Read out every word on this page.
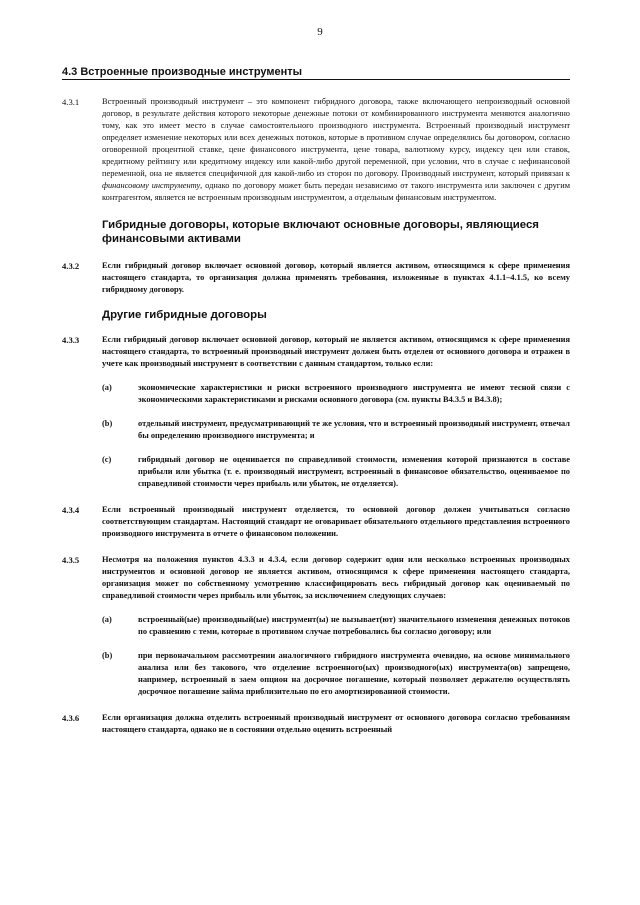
9
4.3 Встроенные производные инструменты
4.3.1	Встроенный производный инструмент – это компонент гибридного договора, также включающего непроизводный основной договор, в результате действия которого некоторые денежные потоки от комбинированного инструмента меняются аналогично тому, как это имеет место в случае самостоятельного производного инструмента. Встроенный производный инструмент определяет изменение некоторых или всех денежных потоков, которые в противном случае определялись бы договором, согласно оговоренной процентной ставке, цене финансового инструмента, цене товара, валютному курсу, индексу цен или ставок, кредитному рейтингу или кредитному индексу или какой-либо другой переменной, при условии, что в случае с нефинансовой переменной, она не является специфичной для какой-либо из сторон по договору. Производный инструмент, который привязан к финансовому инструменту, однако по договору может быть передан независимо от такого инструмента или заключен с другим контрагентом, является не встроенным производным инструментом, а отдельным финансовым инструментом.
Гибридные договоры, которые включают основные договоры, являющиеся финансовыми активами
4.3.2	Если гибридный договор включает основной договор, который является активом, относящимся к сфере применения настоящего стандарта, то организация должна применять требования, изложенные в пунктах 4.1.1–4.1.5, ко всему гибридному договору.
Другие гибридные договоры
4.3.3	Если гибридный договор включает основной договор, который не является активом, относящимся к сфере применения настоящего стандарта, то встроенный производный инструмент должен быть отделен от основного договора и отражен в учете как производный инструмент в соответствии с данным стандартом, только если:
(a)	экономические характеристики и риски встроенного производного инструмента не имеют тесной связи с экономическими характеристиками и рисками основного договора (см. пункты B4.3.5 и B4.3.8);
(b)	отдельный инструмент, предусматривающий те же условия, что и встроенный производный инструмент, отвечал бы определению производного инструмента; и
(c)	гибридный договор не оценивается по справедливой стоимости, изменения которой признаются в составе прибыли или убытка (т. е. производный инструмент, встроенный в финансовое обязательство, оцениваемое по справедливой стоимости через прибыль или убыток, не отделяется).
4.3.4	Если встроенный производный инструмент отделяется, то основной договор должен учитываться согласно соответствующим стандартам. Настоящий стандарт не оговаривает обязательного отдельного представления встроенного производного инструмента в отчете о финансовом положении.
4.3.5	Несмотря на положения пунктов 4.3.3 и 4.3.4, если договор содержит один или несколько встроенных производных инструментов и основной договор не является активом, относящимся к сфере применения настоящего стандарта, организация может по собственному усмотрению классифицировать весь гибридный договор как оцениваемый по справедливой стоимости через прибыль или убыток, за исключением следующих случаев:
(a)	встроенный(ые) производный(ые) инструмент(ы) не вызывает(ют) значительного изменения денежных потоков по сравнению с теми, которые в противном случае потребовались бы согласно договору; или
(b)	при первоначальном рассмотрении аналогичного гибридного инструмента очевидно, на основе минимального анализа или без такового, что отделение встроенного(ых) производного(ых) инструмента(ов) запрещено, например, встроенный в заем опцион на досрочное погашение, который позволяет держателю осуществлять досрочное погашение займа приблизительно по его амортизированной стоимости.
4.3.6	Если организация должна отделить встроенный производный инструмент от основного договора согласно требованиям настоящего стандарта, однако не в состоянии отдельно оценить встроенный
